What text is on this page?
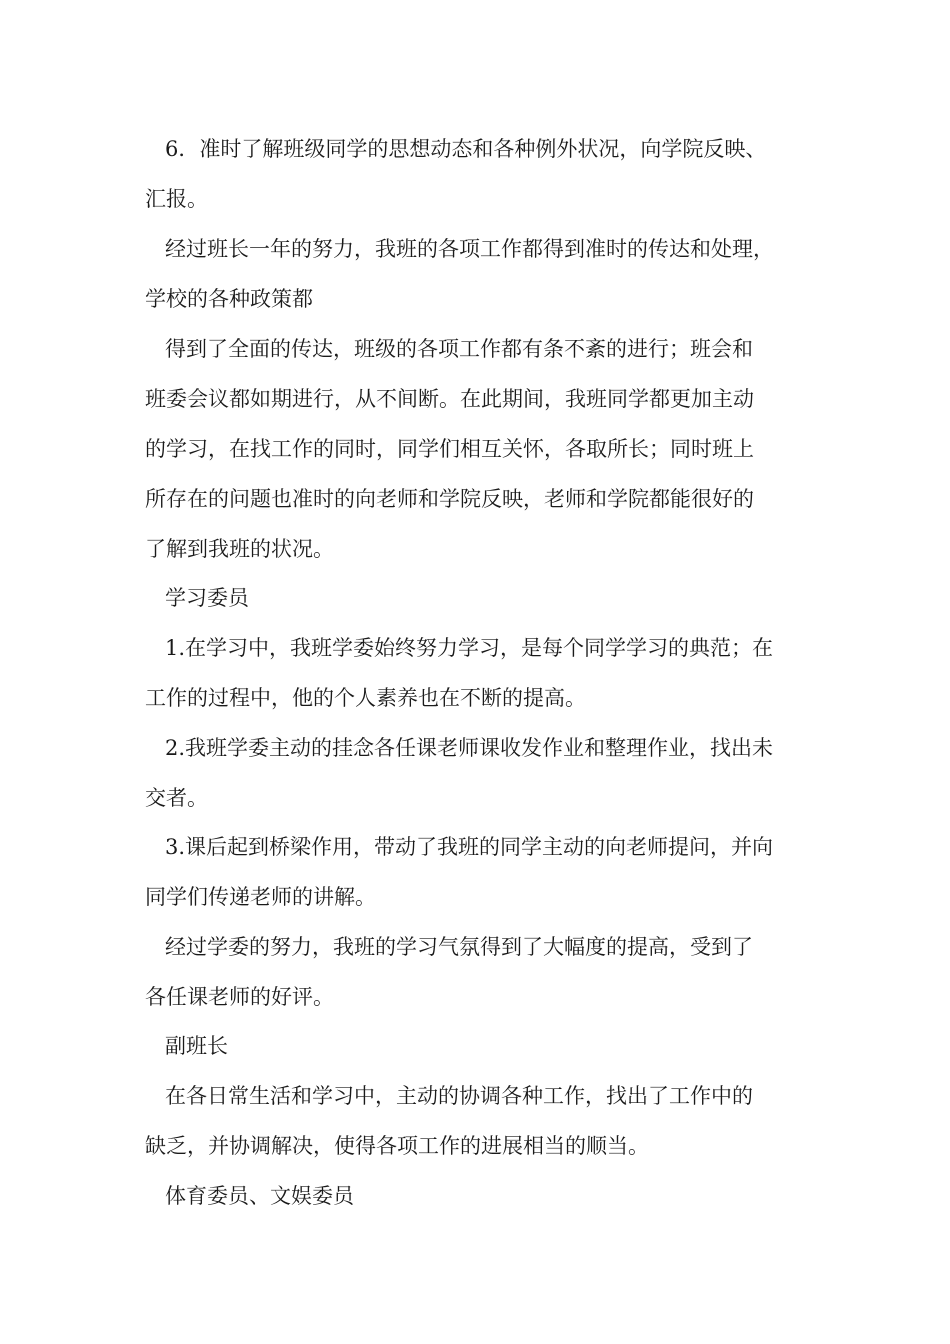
6．准时了解班级同学的思想动态和各种例外状况，向学院反映、
汇报。
经过班长一年的努力，我班的各项工作都得到准时的传达和处理，
学校的各种政策都
得到了全面的传达，班级的各项工作都有条不紊的进行；班会和
班委会议都如期进行，从不间断。在此期间，我班同学都更加主动
的学习，在找工作的同时，同学们相互关怀，各取所长；同时班上
所存在的问题也准时的向老师和学院反映，老师和学院都能很好的
了解到我班的状况。
学习委员
1.在学习中，我班学委始终努力学习，是每个同学学习的典范；在
工作的过程中，他的个人素养也在不断的提高。
2.我班学委主动的挂念各任课老师课收发作业和整理作业，找出未
交者。
3.课后起到桥梁作用，带动了我班的同学主动的向老师提问，并向
同学们传递老师的讲解。
经过学委的努力，我班的学习气氛得到了大幅度的提高，受到了
各任课老师的好评。
副班长
在各日常生活和学习中，主动的协调各种工作，找出了工作中的
缺乏，并协调解决，使得各项工作的进展相当的顺当。
体育委员、文娱委员
